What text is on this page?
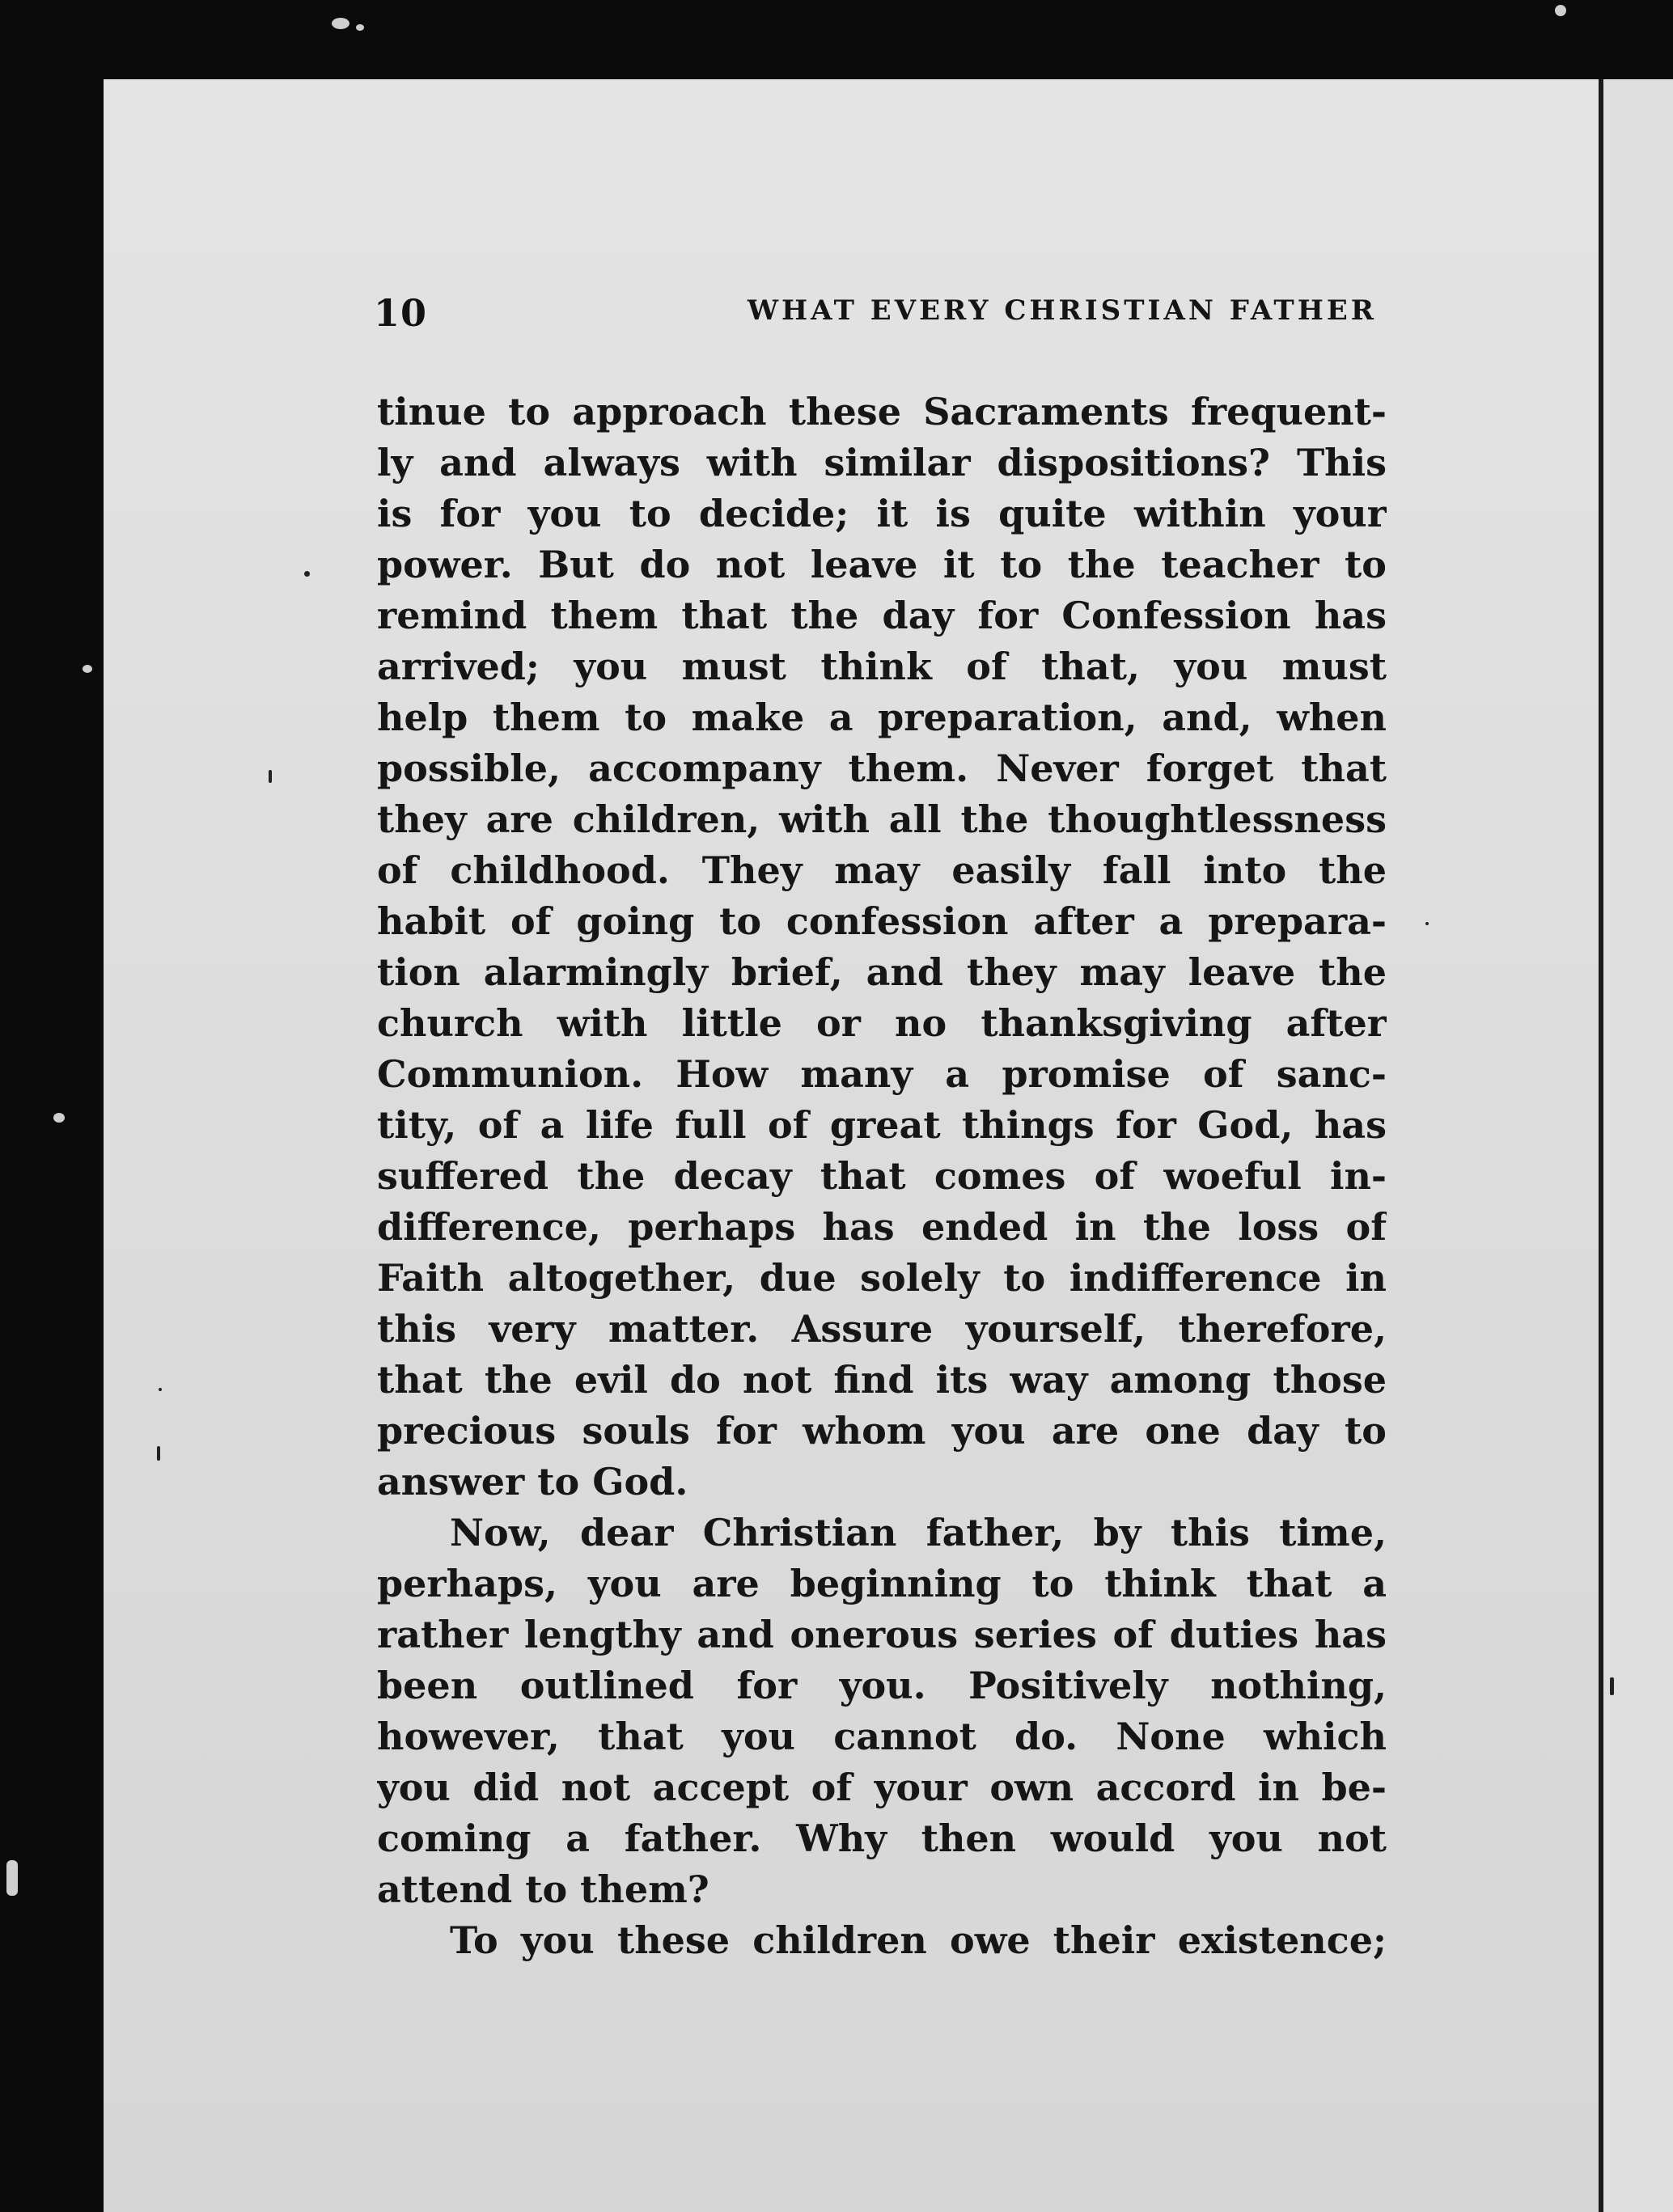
10	WHAT EVERY CHRISTIAN FATHER
tinue to approach these Sacraments frequent-
ly and always with similar dispositions? This
is for you to decide; it is quite within your
power. But do not leave it to the teacher to
remind them that the day for Confession has
arrived; you must think of that, you must
help them to make a preparation, and, when
possible, accompany them. Never forget that
they are children, with all the thoughtlessness
of childhood. They may easily fall into the
habit of going to confession after a prepara-
tion alarmingly brief, and they may leave the
church with little or no thanksgiving after
Communion. How many a promise of sanc-
tity, of a life full of great things for God, has
suffered the decay that comes of woeful in-
difference, perhaps has ended in the loss of
Faith altogether, due solely to indifference in
this very matter. Assure yourself, therefore,
that the evil do not find its way among those
precious souls for whom you are one day to
answer to God.
Now, dear Christian father, by this time,
perhaps, you are beginning to think that a
rather lengthy and onerous series of duties has
been outlined for you. Positively nothing,
however, that you cannot do. None which
you did not accept of your own accord in be-
coming a father. Why then would you not
attend to them?
To you these children owe their existence;
